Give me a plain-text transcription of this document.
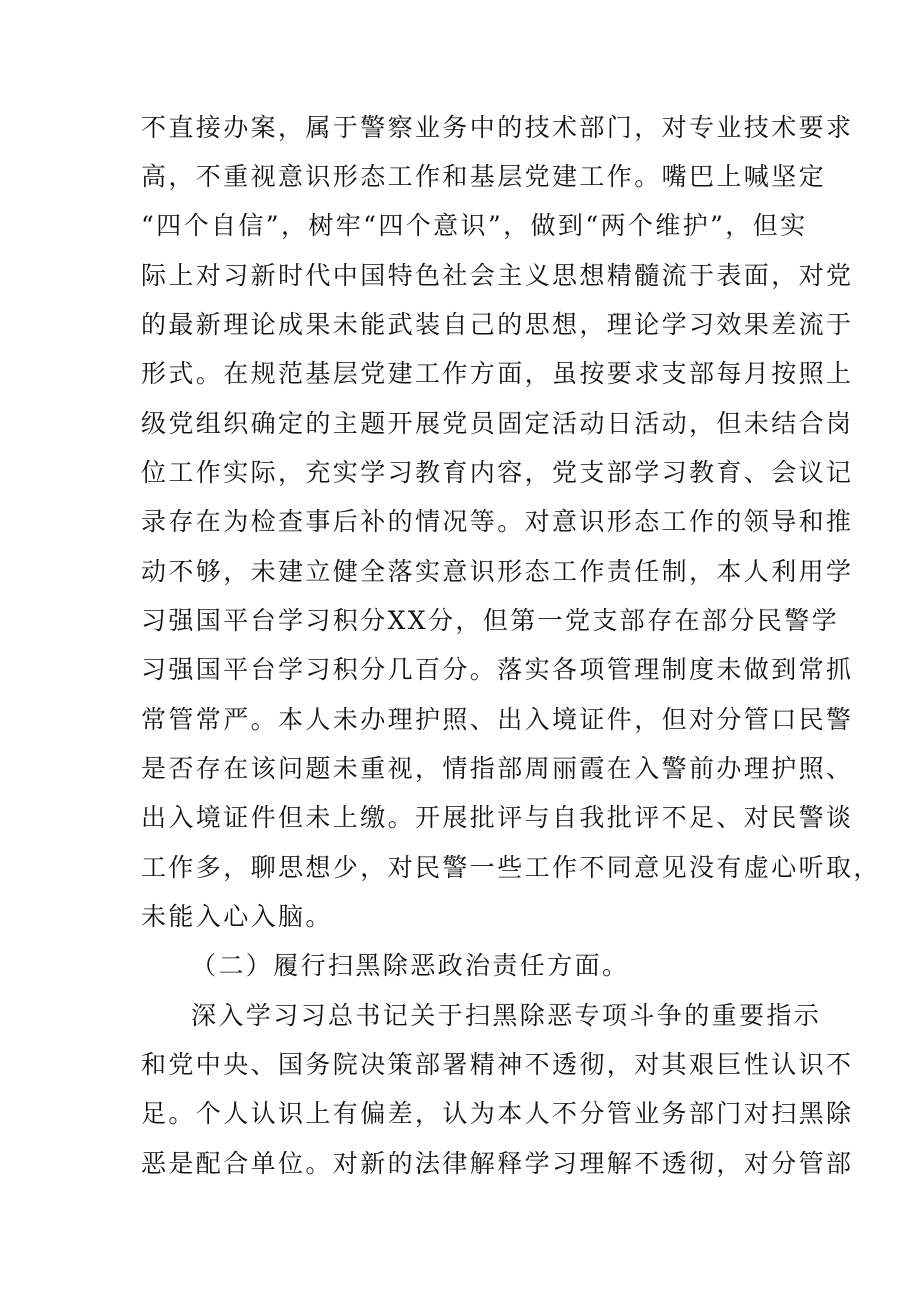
不直接办案，属于警察业务中的技术部门，对专业技术要求
高，不重视意识形态工作和基层党建工作。嘴巴上喊坚定
“四个自信”，树牢“四个意识”，做到“两个维护”，但实
际上对习新时代中国特色社会主义思想精髓流于表面，对党
的最新理论成果未能武装自己的思想，理论学习效果差流于
形式。在规范基层党建工作方面，虽按要求支部每月按照上
级党组织确定的主题开展党员固定活动日活动，但未结合岗
位工作实际，充实学习教育内容，党支部学习教育、会议记
录存在为检查事后补的情况等。对意识形态工作的领导和推
动不够，未建立健全落实意识形态工作责任制，本人利用学
习强国平台学习积分XX分，但第一党支部存在部分民警学
习强国平台学习积分几百分。落实各项管理制度未做到常抓
常管常严。本人未办理护照、出入境证件，但对分管口民警
是否存在该问题未重视，情指部周丽霞在入警前办理护照、
出入境证件但未上缴。开展批评与自我批评不足、对民警谈
工作多，聊思想少，对民警一些工作不同意见没有虚心听取，
未能入心入脑。
（二）履行扫黑除恶政治责任方面。
深入学习习总书记关于扫黑除恶专项斗争的重要指示
和党中央、国务院决策部署精神不透彻，对其艰巨性认识不
足。个人认识上有偏差，认为本人不分管业务部门对扫黑除
恶是配合单位。对新的法律解释学习理解不透彻，对分管部
